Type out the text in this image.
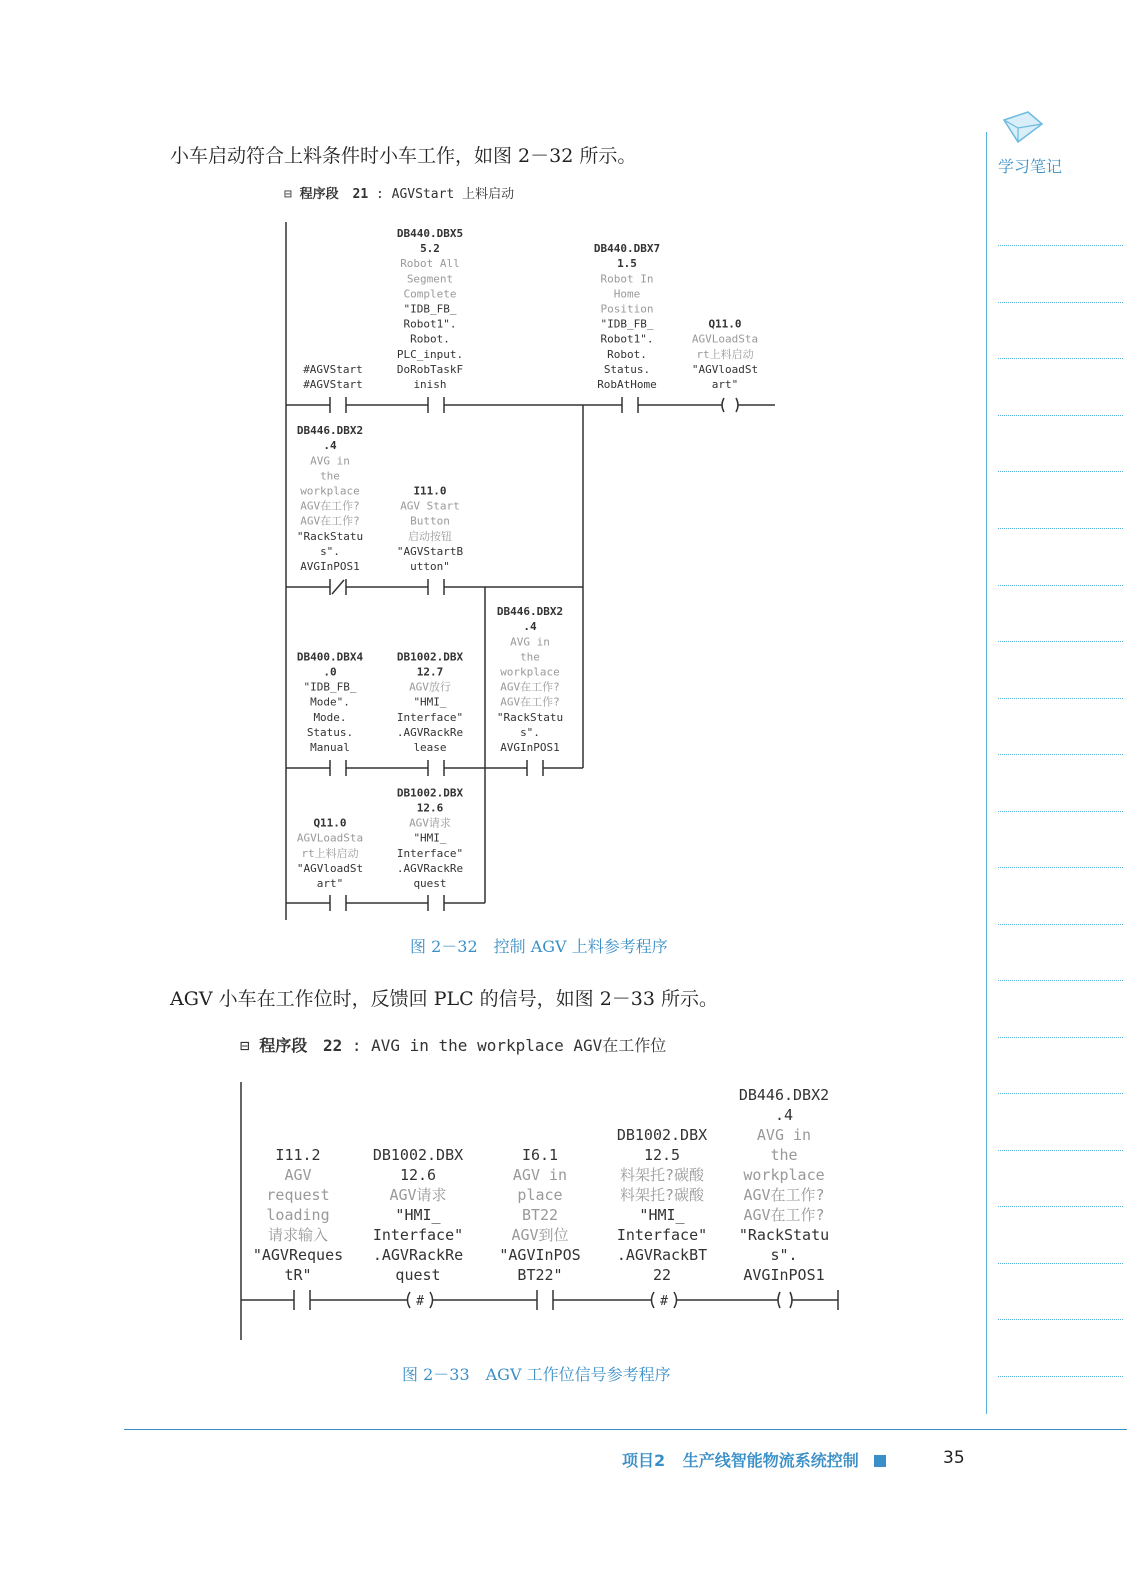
学习笔记
小车启动符合上料条件时小车工作，如图 2－32 所示。
⊟ 程序段 21 : AGVStart 上料启动
#AGVStart
#AGVStart
DB440.DBX5
5.2
Robot All
Segment
Complete
"IDB_FB_
Robot1".
Robot.
PLC_input.
DoRobTaskF
inish
DB440.DBX7
1.5
Robot In
Home
Position
"IDB_FB_
Robot1".
Robot.
Status.
RobAtHome
Q11.0
AGVLoadSta
rt上料启动
"AGVloadSt
art"
DB446.DBX2
.4
AVG in
the
workplace
AGV在工作?
AGV在工作?
"RackStatu
s".
AVGInPOS1
I11.0
AGV Start
Button
启动按钮
"AGVStartB
utton"
DB400.DBX4
.0
"IDB_FB_
Mode".
Mode.
Status.
Manual
DB1002.DBX
12.7
AGV放行
"HMI_
Interface"
.AGVRackRe
lease
DB446.DBX2
.4
AVG in
the
workplace
AGV在工作?
AGV在工作?
"RackStatu
s".
AVGInPOS1
Q11.0
AGVLoadSta
rt上料启动
"AGVloadSt
art"
DB1002.DBX
12.6
AGV请求
"HMI_
Interface"
.AGVRackRe
quest
图 2－32　控制 AGV 上料参考程序
AGV 小车在工作位时，反馈回 PLC 的信号，如图 2－33 所示。
⊟ 程序段 22 : AVG in the workplace AGV在工作位
#	#
I11.2
AGV
request
loading
请求输入
"AGVReques
tR"
DB1002.DBX
12.6
AGV请求
"HMI_
Interface"
.AGVRackRe
quest
I6.1
AGV in
place
BT22
AGV到位
"AGVInPOS
BT22"
DB1002.DBX
12.5
料架托?碳酸
料架托?碳酸
"HMI_
Interface"
.AGVRackBT
22
DB446.DBX2
.4
AVG in
the
workplace
AGV在工作?
AGV在工作?
"RackStatu
s".
AVGInPOS1
图 2－33　AGV 工作位信号参考程序
项目2 生产线智能物流系统控制	35
